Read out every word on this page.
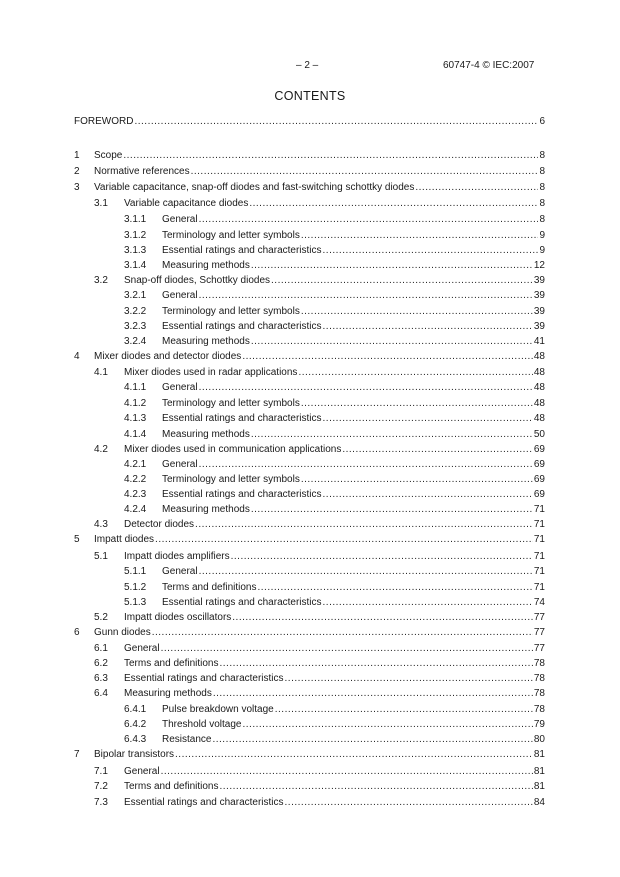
– 2 –	60747-4 © IEC:2007
CONTENTS
FOREWORD .....	6
1	Scope .....	8
2	Normative references .....	8
3	Variable capacitance, snap-off diodes and fast-switching schottky diodes .....	8
3.1	Variable capacitance diodes .....	8
3.1.1	General .....	8
3.1.2	Terminology and letter symbols .....	9
3.1.3	Essential ratings and characteristics .....	9
3.1.4	Measuring methods .....	12
3.2	Snap-off diodes, Schottky diodes .....	39
3.2.1	General .....	39
3.2.2	Terminology and letter symbols .....	39
3.2.3	Essential ratings and characteristics .....	39
3.2.4	Measuring methods .....	41
4	Mixer diodes and detector diodes .....	48
4.1	Mixer diodes used in radar applications .....	48
4.1.1	General .....	48
4.1.2	Terminology and letter symbols .....	48
4.1.3	Essential ratings and characteristics .....	48
4.1.4	Measuring methods .....	50
4.2	Mixer diodes used in communication applications .....	69
4.2.1	General .....	69
4.2.2	Terminology and letter symbols .....	69
4.2.3	Essential ratings and characteristics .....	69
4.2.4	Measuring methods .....	71
4.3	Detector diodes .....	71
5	Impatt diodes .....	71
5.1	Impatt diodes amplifiers .....	71
5.1.1	General .....	71
5.1.2	Terms and definitions .....	71
5.1.3	Essential ratings and characteristics .....	74
5.2	Impatt diodes oscillators .....	77
6	Gunn diodes .....	77
6.1	General .....	77
6.2	Terms and definitions .....	78
6.3	Essential ratings and characteristics .....	78
6.4	Measuring methods .....	78
6.4.1	Pulse breakdown voltage .....	78
6.4.2	Threshold voltage .....	79
6.4.3	Resistance .....	80
7	Bipolar transistors .....	81
7.1	General .....	81
7.2	Terms and definitions .....	81
7.3	Essential ratings and characteristics .....	84
